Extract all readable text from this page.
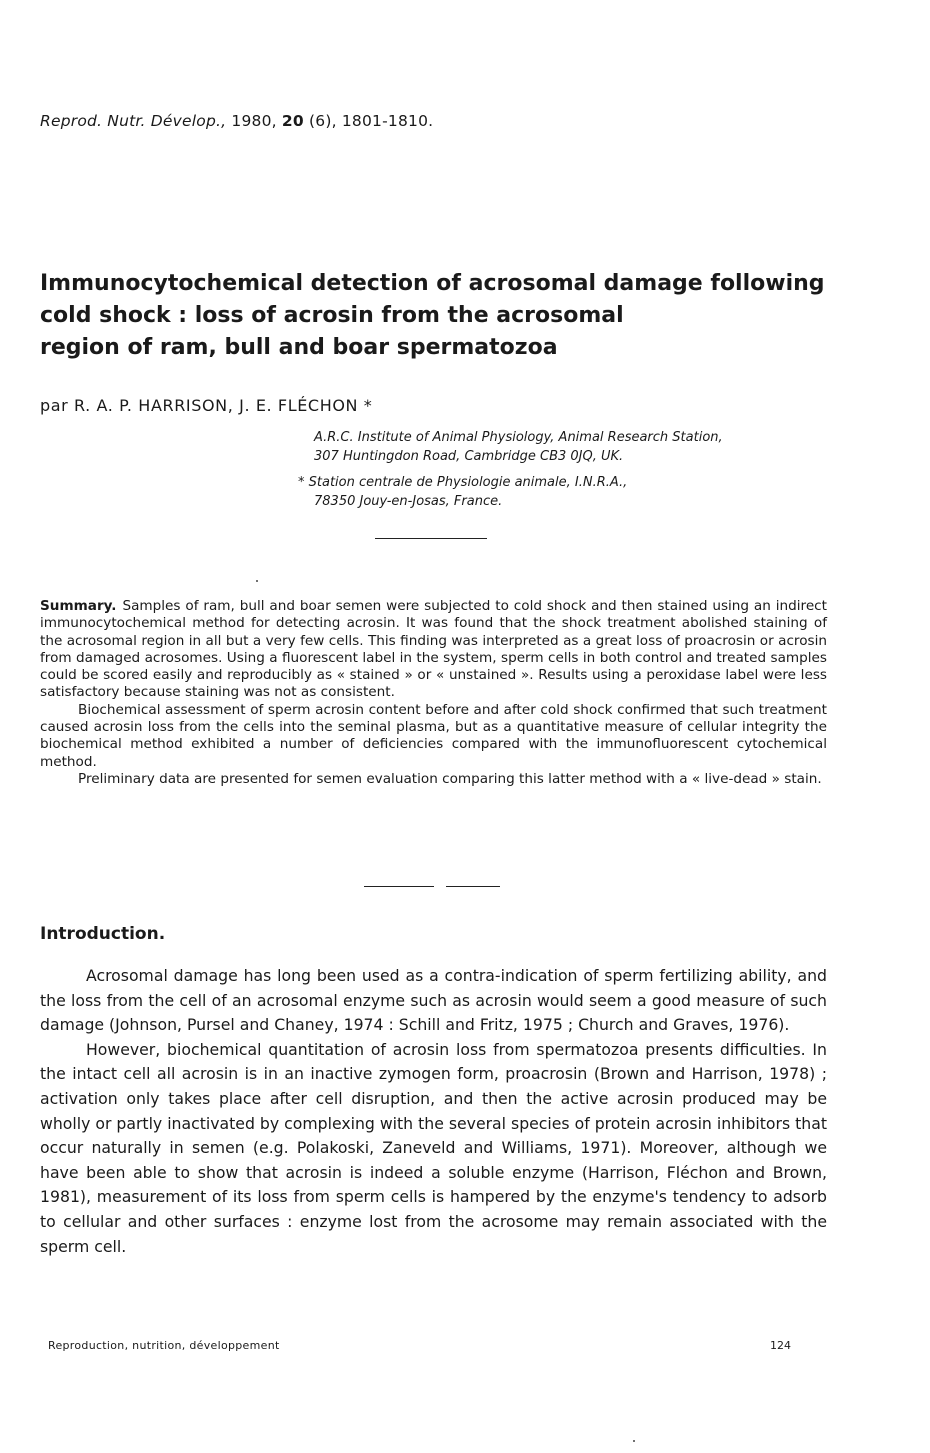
Reprod. Nutr. Dévelop., 1980, 20 (6), 1801-1810.
Immunocytochemical detection of acrosomal damage following
cold shock : loss of acrosin from the acrosomal
region of ram, bull and boar spermatozoa
par R. A. P. HARRISON, J. E. FLÉCHON *
A.R.C. Institute of Animal Physiology, Animal Research Station,
307 Huntingdon Road, Cambridge CB3 0JQ, UK.
* Station centrale de Physiologie animale, I.N.R.A.,
78350 Jouy-en-Josas, France.

Summary. Samples of ram, bull and boar semen were subjected to cold shock and then stained using an indirect immunocytochemical method for detecting acrosin. It was found that the shock treatment abolished staining of the acrosomal region in all but a very few cells. This finding was interpreted as a great loss of proacrosin or acrosin from damaged acrosomes. Using a fluorescent label in the system, sperm cells in both control and treated samples could be scored easily and reproducibly as « stained » or « unstained ». Results using a peroxidase label were less satisfactory because staining was not as consistent.

Biochemical assessment of sperm acrosin content before and after cold shock confirmed that such treatment caused acrosin loss from the cells into the seminal plasma, but as a quantitative measure of cellular integrity the biochemical method exhibited a number of deficiencies compared with the immunofluorescent cytochemical method.

Preliminary data are presented for semen evaluation comparing this latter method with a « live-dead » stain.

Introduction.

Acrosomal damage has long been used as a contra-indication of sperm fertilizing ability, and the loss from the cell of an acrosomal enzyme such as acrosin would seem a good measure of such damage (Johnson, Pursel and Chaney, 1974 : Schill and Fritz, 1975 ; Church and Graves, 1976).

However, biochemical quantitation of acrosin loss from spermatozoa presents difficulties. In the intact cell all acrosin is in an inactive zymogen form, proacrosin (Brown and Harrison, 1978) ; activation only takes place after cell disruption, and then the active acrosin produced may be wholly or partly inactivated by complexing with the several species of protein acrosin inhibitors that occur naturally in semen (e.g. Polakoski, Zaneveld and Williams, 1971). Moreover, although we have been able to show that acrosin is indeed a soluble enzyme (Harrison, Fléchon and Brown, 1981), measurement of its loss from sperm cells is hampered by the enzyme's tendency to adsorb to cellular and other surfaces : enzyme lost from the acrosome may remain associated with the sperm cell.

Reproduction, nutrition, développement	124
